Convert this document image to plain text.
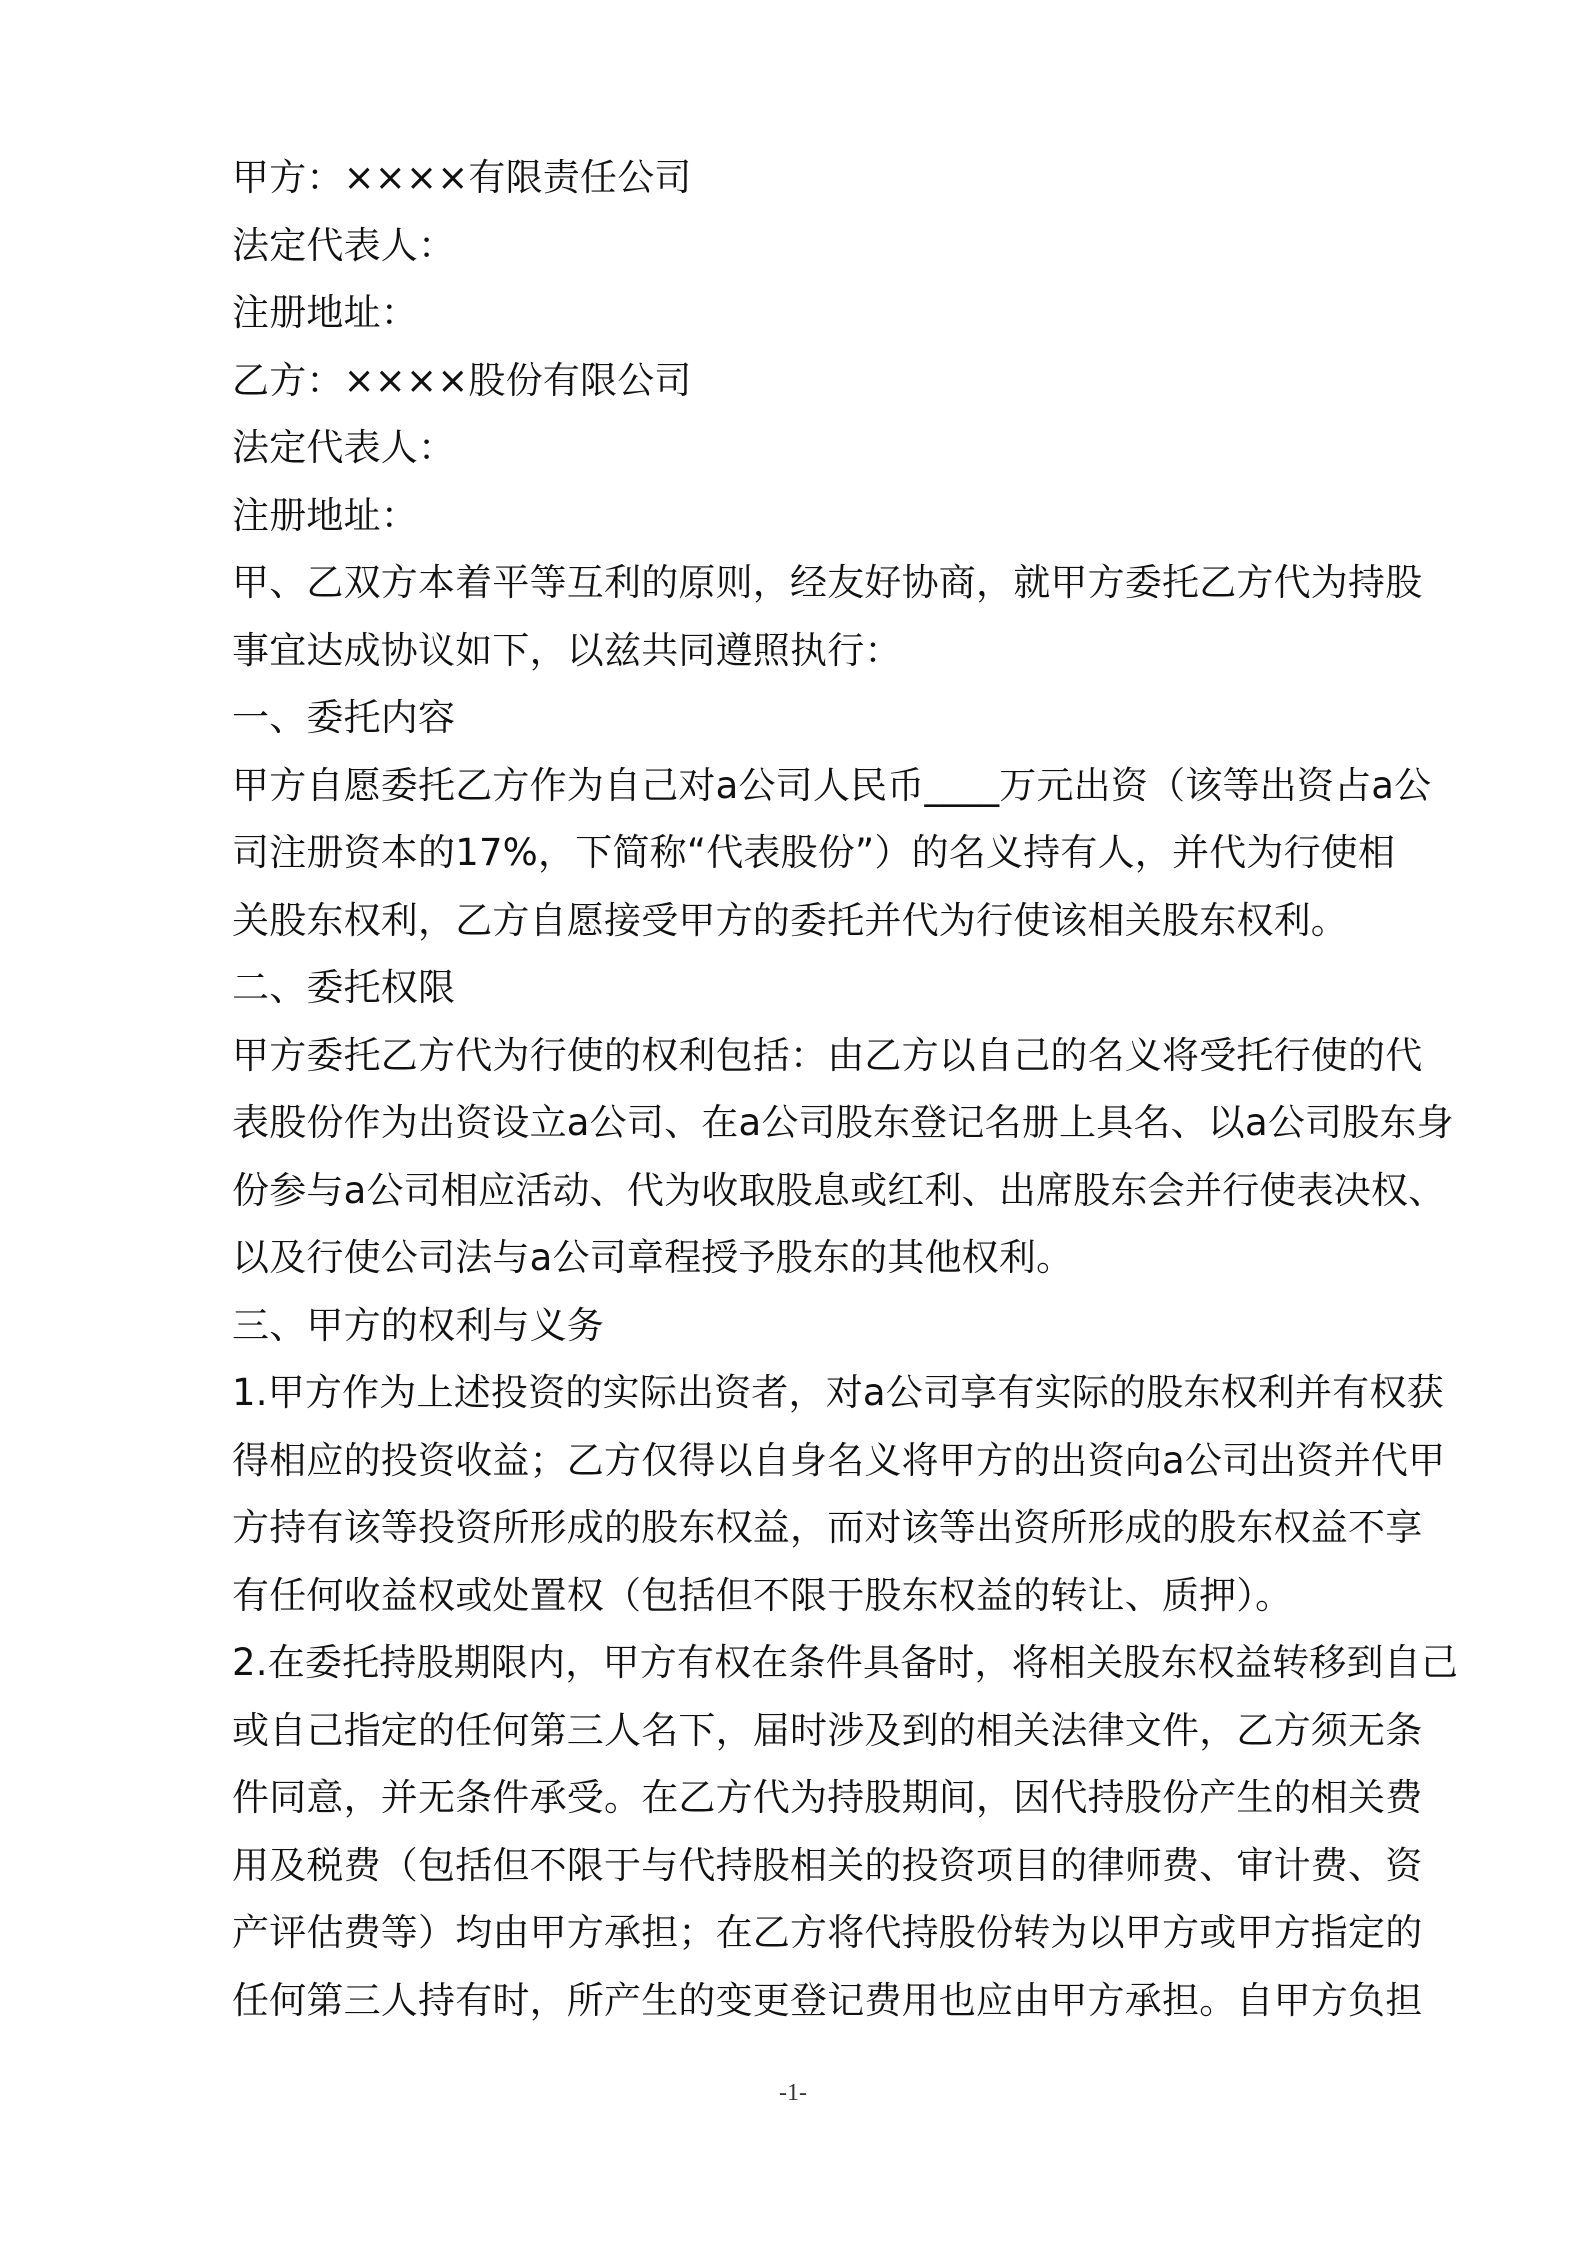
甲方：××××有限责任公司
法定代表人：
注册地址：
乙方：××××股份有限公司
法定代表人：
注册地址：
甲、乙双方本着平等互利的原则，经友好协商，就甲方委托乙方代为持股
事宜达成协议如下，以兹共同遵照执行：
一、委托内容
甲方自愿委托乙方作为自己对a公司人民币____万元出资（该等出资占a公
司注册资本的17%，下简称“代表股份”）的名义持有人，并代为行使相
关股东权利，乙方自愿接受甲方的委托并代为行使该相关股东权利。
二、委托权限
甲方委托乙方代为行使的权利包括：由乙方以自己的名义将受托行使的代
表股份作为出资设立a公司、在a公司股东登记名册上具名、以a公司股东身
份参与a公司相应活动、代为收取股息或红利、出席股东会并行使表决权、
以及行使公司法与a公司章程授予股东的其他权利。
三、甲方的权利与义务
1.甲方作为上述投资的实际出资者，对a公司享有实际的股东权利并有权获
得相应的投资收益；乙方仅得以自身名义将甲方的出资向a公司出资并代甲
方持有该等投资所形成的股东权益，而对该等出资所形成的股东权益不享
有任何收益权或处置权（包括但不限于股东权益的转让、质押）。
2.在委托持股期限内，甲方有权在条件具备时，将相关股东权益转移到自己
或自己指定的任何第三人名下，届时涉及到的相关法律文件，乙方须无条
件同意，并无条件承受。在乙方代为持股期间，因代持股份产生的相关费
用及税费（包括但不限于与代持股相关的投资项目的律师费、审计费、资
产评估费等）均由甲方承担；在乙方将代持股份转为以甲方或甲方指定的
任何第三人持有时，所产生的变更登记费用也应由甲方承担。自甲方负担
-1-
